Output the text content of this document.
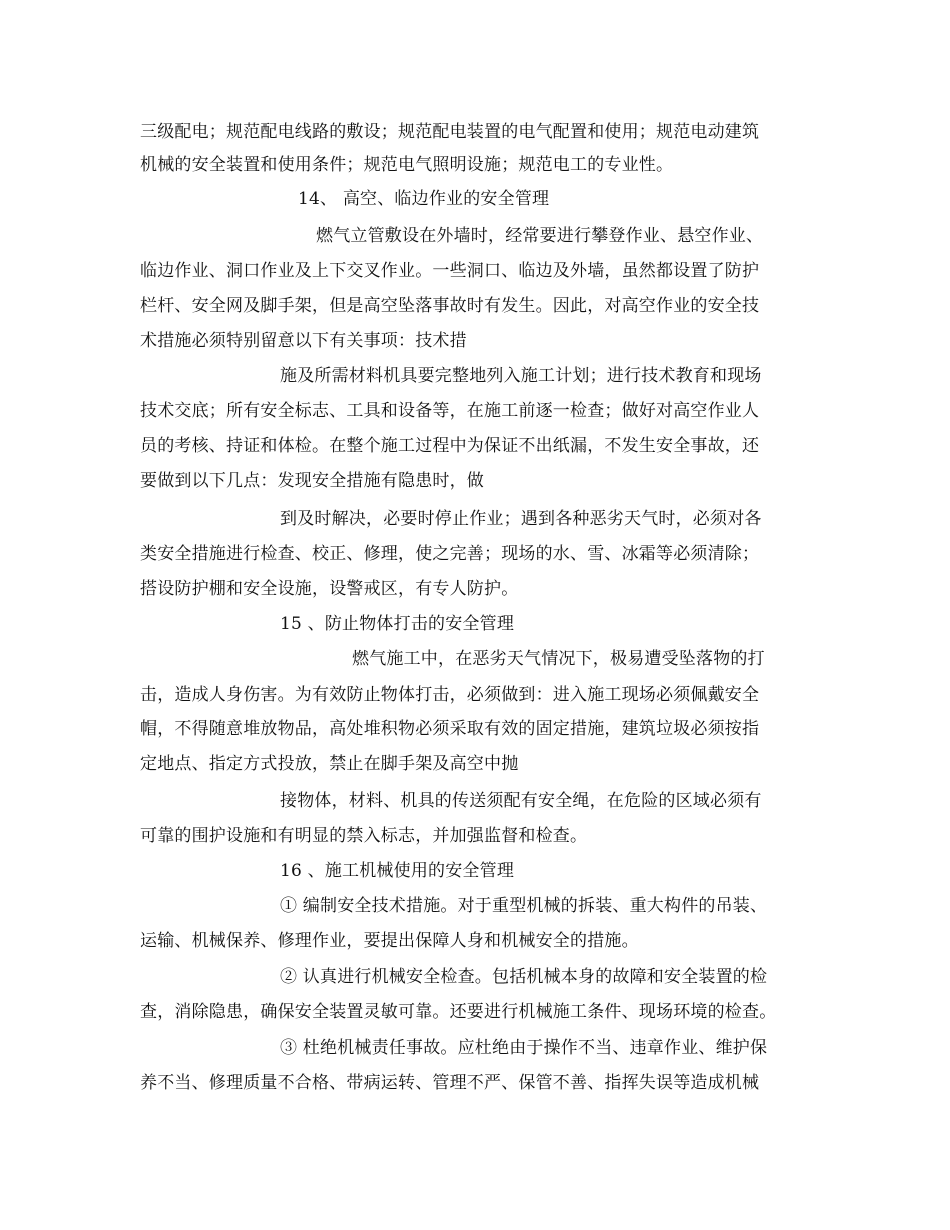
三级配电；规范配电线路的敷设；规范配电装置的电气配置和使用；规范电动建筑
机械的安全装置和使用条件；规范电气照明设施；规范电工的专业性。
14、 高空、临边作业的安全管理
燃气立管敷设在外墙时，经常要进行攀登作业、悬空作业、
临边作业、洞口作业及上下交叉作业。一些洞口、临边及外墙，虽然都设置了防护
栏杆、安全网及脚手架，但是高空坠落事故时有发生。因此，对高空作业的安全技
术措施必须特别留意以下有关事项：技术措
施及所需材料机具要完整地列入施工计划；进行技术教育和现场
技术交底；所有安全标志、工具和设备等，在施工前逐一检查；做好对高空作业人
员的考核、持证和体检。在整个施工过程中为保证不出纸漏，不发生安全事故，还
要做到以下几点：发现安全措施有隐患时，做
到及时解决，必要时停止作业；遇到各种恶劣天气时，必须对各
类安全措施进行检查、校正、修理，使之完善；现场的水、雪、冰霜等必须清除；
搭设防护棚和安全设施，设警戒区，有专人防护。
15 、防止物体打击的安全管理
燃气施工中，在恶劣天气情况下，极易遭受坠落物的打
击，造成人身伤害。为有效防止物体打击，必须做到：进入施工现场必须佩戴安全
帽，不得随意堆放物品，高处堆积物必须采取有效的固定措施，建筑垃圾必须按指
定地点、指定方式投放，禁止在脚手架及高空中抛
接物体，材料、机具的传送须配有安全绳，在危险的区域必须有
可靠的围护设施和有明显的禁入标志，并加强监督和检查。
16 、施工机械使用的安全管理
① 编制安全技术措施。对于重型机械的拆装、重大构件的吊装、
运输、机械保养、修理作业，要提出保障人身和机械安全的措施。
② 认真进行机械安全检查。包括机械本身的故障和安全装置的检
查，消除隐患，确保安全装置灵敏可靠。还要进行机械施工条件、现场环境的检查。
③ 杜绝机械责任事故。应杜绝由于操作不当、违章作业、维护保
养不当、修理质量不合格、带病运转、管理不严、保管不善、指挥失误等造成机械
